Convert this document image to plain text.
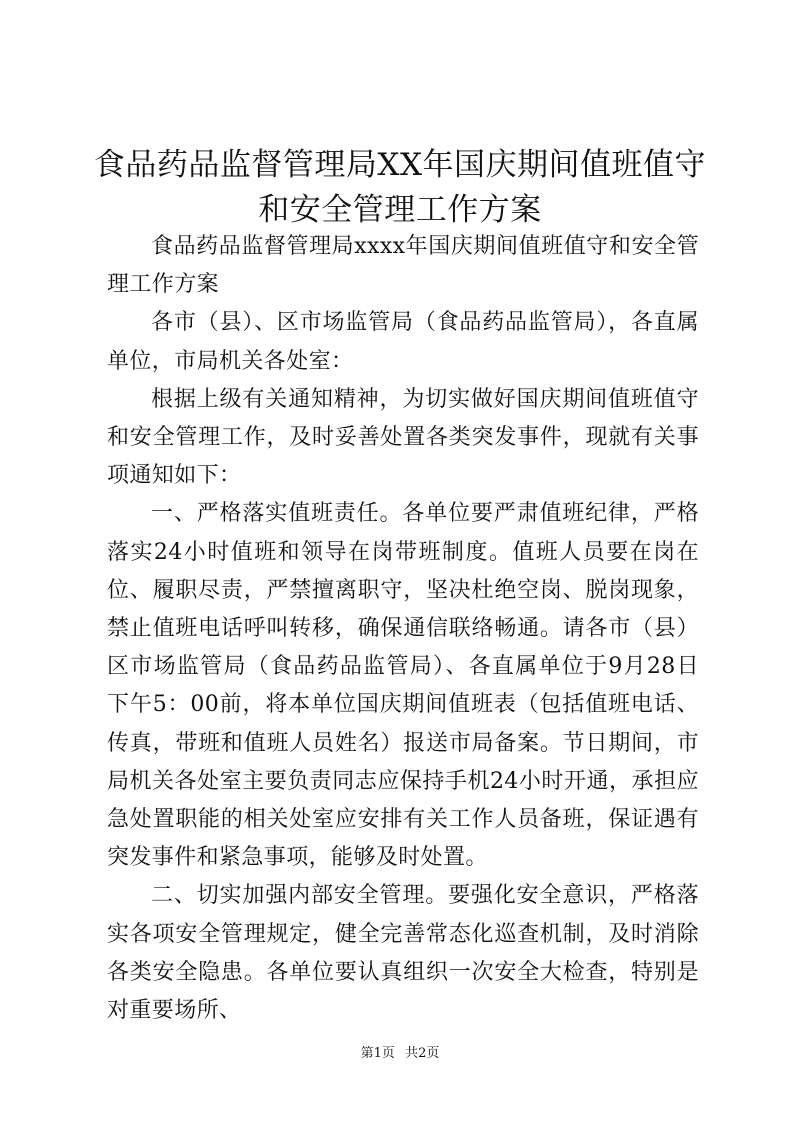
食品药品监督管理局XX年国庆期间值班值守
和安全管理工作方案

食品药品监督管理局xxxx年国庆期间值班值守和安全管理工作方案

各市（县）、区市场监管局（食品药品监管局），各直属单位，市局机关各处室：

根据上级有关通知精神，为切实做好国庆期间值班值守和安全管理工作，及时妥善处置各类突发事件，现就有关事项通知如下：

一、严格落实值班责任。各单位要严肃值班纪律，严格落实24小时值班和领导在岗带班制度。值班人员要在岗在位、履职尽责，严禁擅离职守，坚决杜绝空岗、脱岗现象，禁止值班电话呼叫转移，确保通信联络畅通。请各市（县）区市场监管局（食品药品监管局）、各直属单位于9月28日下午5：00前，将本单位国庆期间值班表（包括值班电话、传真，带班和值班人员姓名）报送市局备案。节日期间，市局机关各处室主要负责同志应保持手机24小时开通，承担应急处置职能的相关处室应安排有关工作人员备班，保证遇有突发事件和紧急事项，能够及时处置。

二、切实加强内部安全管理。要强化安全意识，严格落实各项安全管理规定，健全完善常态化巡查机制，及时消除各类安全隐患。各单位要认真组织一次安全大检查，特别是对重要场所、

第1页 共2页
